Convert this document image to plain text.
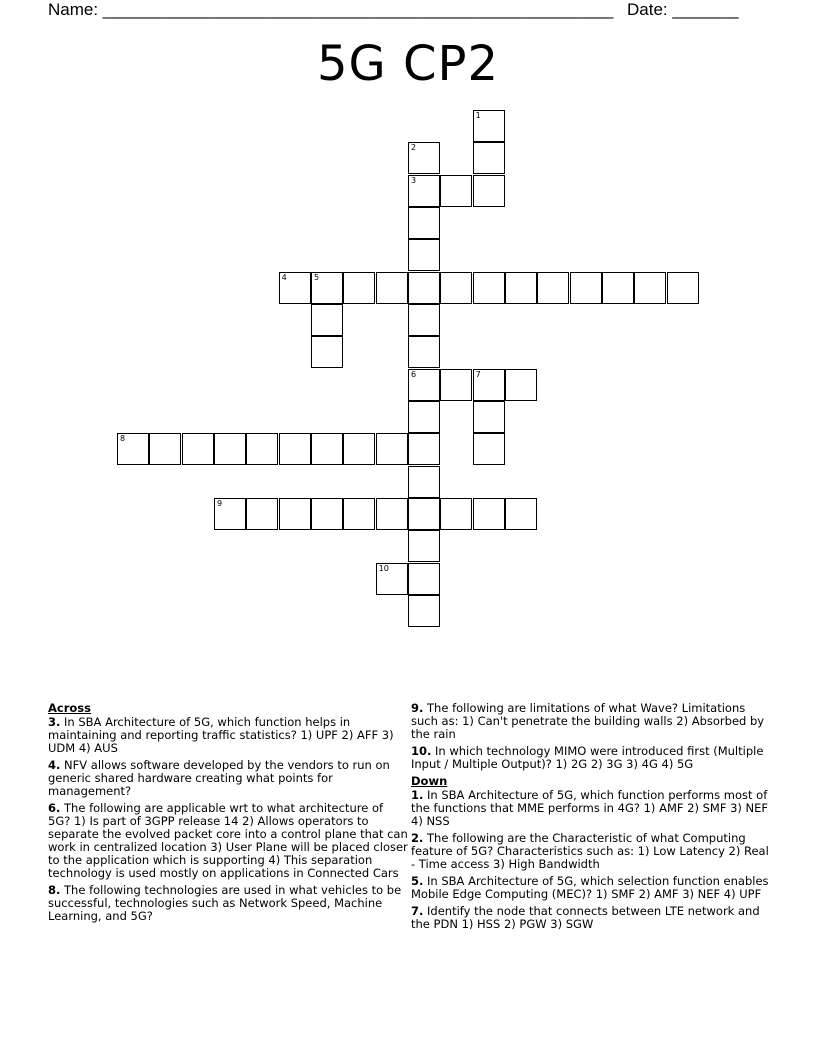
Name: ______________________________________________________ Date: _______
5G CP2
1
2
3
6
4	5
7
8
9
10
Across
3. In SBA Architecture of 5G, which function helps in maintaining and reporting traffic statistics? 1) UPF 2) AFF 3) UDM 4) AUS
4. NFV allows software developed by the vendors to run on generic shared hardware creating what points for management?
6. The following are applicable wrt to what architecture of 5G? 1) Is part of 3GPP release 14 2) Allows operators to separate the evolved packet core into a control plane that can work in centralized location 3) User Plane will be placed closer to the application which is supporting 4) This separation technology is used mostly on applications in Connected Cars
8. The following technologies are used in what vehicles to be successful, technologies such as Network Speed, Machine Learning, and 5G?
9. The following are limitations of what Wave? Limitations such as: 1) Can't penetrate the building walls 2) Absorbed by the rain
10. In which technology MIMO were introduced first (Multiple Input / Multiple Output)? 1) 2G 2) 3G 3) 4G 4) 5G
Down
1. In SBA Architecture of 5G, which function performs most of the functions that MME performs in 4G? 1) AMF 2) SMF 3) NEF 4) NSS
2. The following are the Characteristic of what Computing feature of 5G? Characteristics such as: 1) Low Latency 2) Real - Time access 3) High Bandwidth
5. In SBA Architecture of 5G, which selection function enables Mobile Edge Computing (MEC)? 1) SMF 2) AMF 3) NEF 4) UPF
7. Identify the node that connects between LTE network and the PDN 1) HSS 2) PGW 3) SGW
